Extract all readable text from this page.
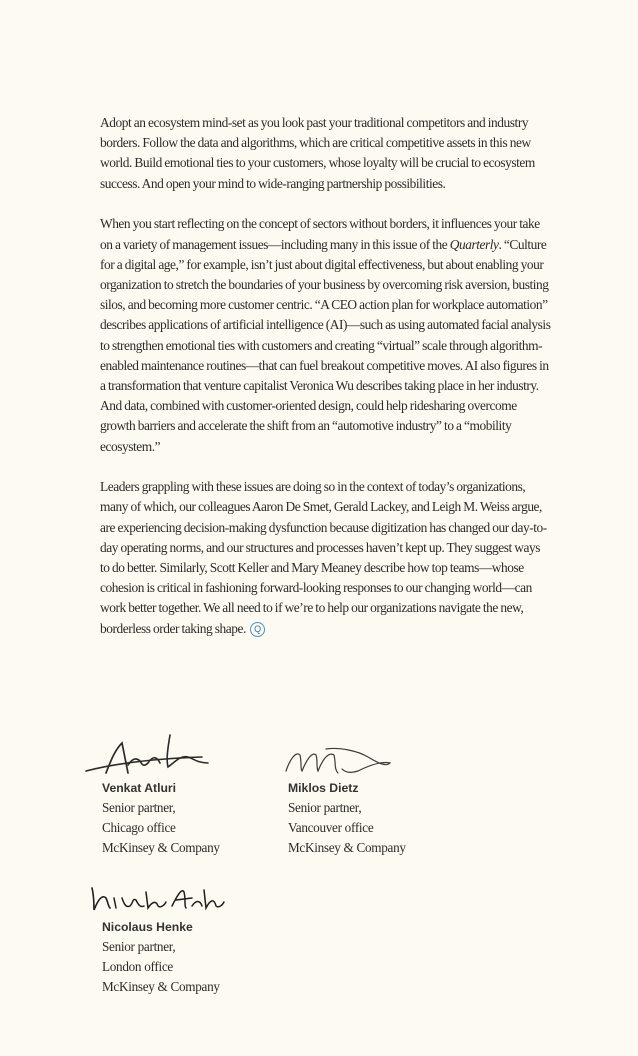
Adopt an ecosystem mind-set as you look past your traditional competitors and industry borders. Follow the data and algorithms, which are critical competitive assets in this new world. Build emotional ties to your customers, whose loyalty will be crucial to ecosystem success. And open your mind to wide-ranging partnership possibilities.

When you start reflecting on the concept of sectors without borders, it influences your take on a variety of management issues—including many in this issue of the Quarterly. “Culture for a digital age,” for example, isn’t just about digital effectiveness, but about enabling your organization to stretch the boundaries of your business by overcoming risk aversion, busting silos, and becoming more customer centric. “A CEO action plan for workplace automation” describes applications of artificial intelligence (AI)—such as using automated facial analysis to strengthen emotional ties with customers and creating “virtual” scale through algorithm-enabled maintenance routines—that can fuel breakout competitive moves. AI also figures in a transformation that venture capitalist Veronica Wu describes taking place in her industry. And data, combined with customer-oriented design, could help ridesharing overcome growth barriers and accelerate the shift from an “automotive industry” to a “mobility ecosystem.”

Leaders grappling with these issues are doing so in the context of today’s organizations, many of which, our colleagues Aaron De Smet, Gerald Lackey, and Leigh M. Weiss argue, are experiencing decision-making dysfunction because digitization has changed our day-to-day operating norms, and our structures and processes haven’t kept up. They suggest ways to do better. Similarly, Scott Keller and Mary Meaney describe how top teams—whose cohesion is critical in fashioning forward-looking responses to our changing world—can work better together. We all need to if we’re to help our organizations navigate the new, borderless order taking shape. Q

Venkat Atluri
Senior partner,
Chicago office
McKinsey & Company
Miklos Dietz
Senior partner,
Vancouver office
McKinsey & Company
Nicolaus Henke
Senior partner,
London office
McKinsey & Company
